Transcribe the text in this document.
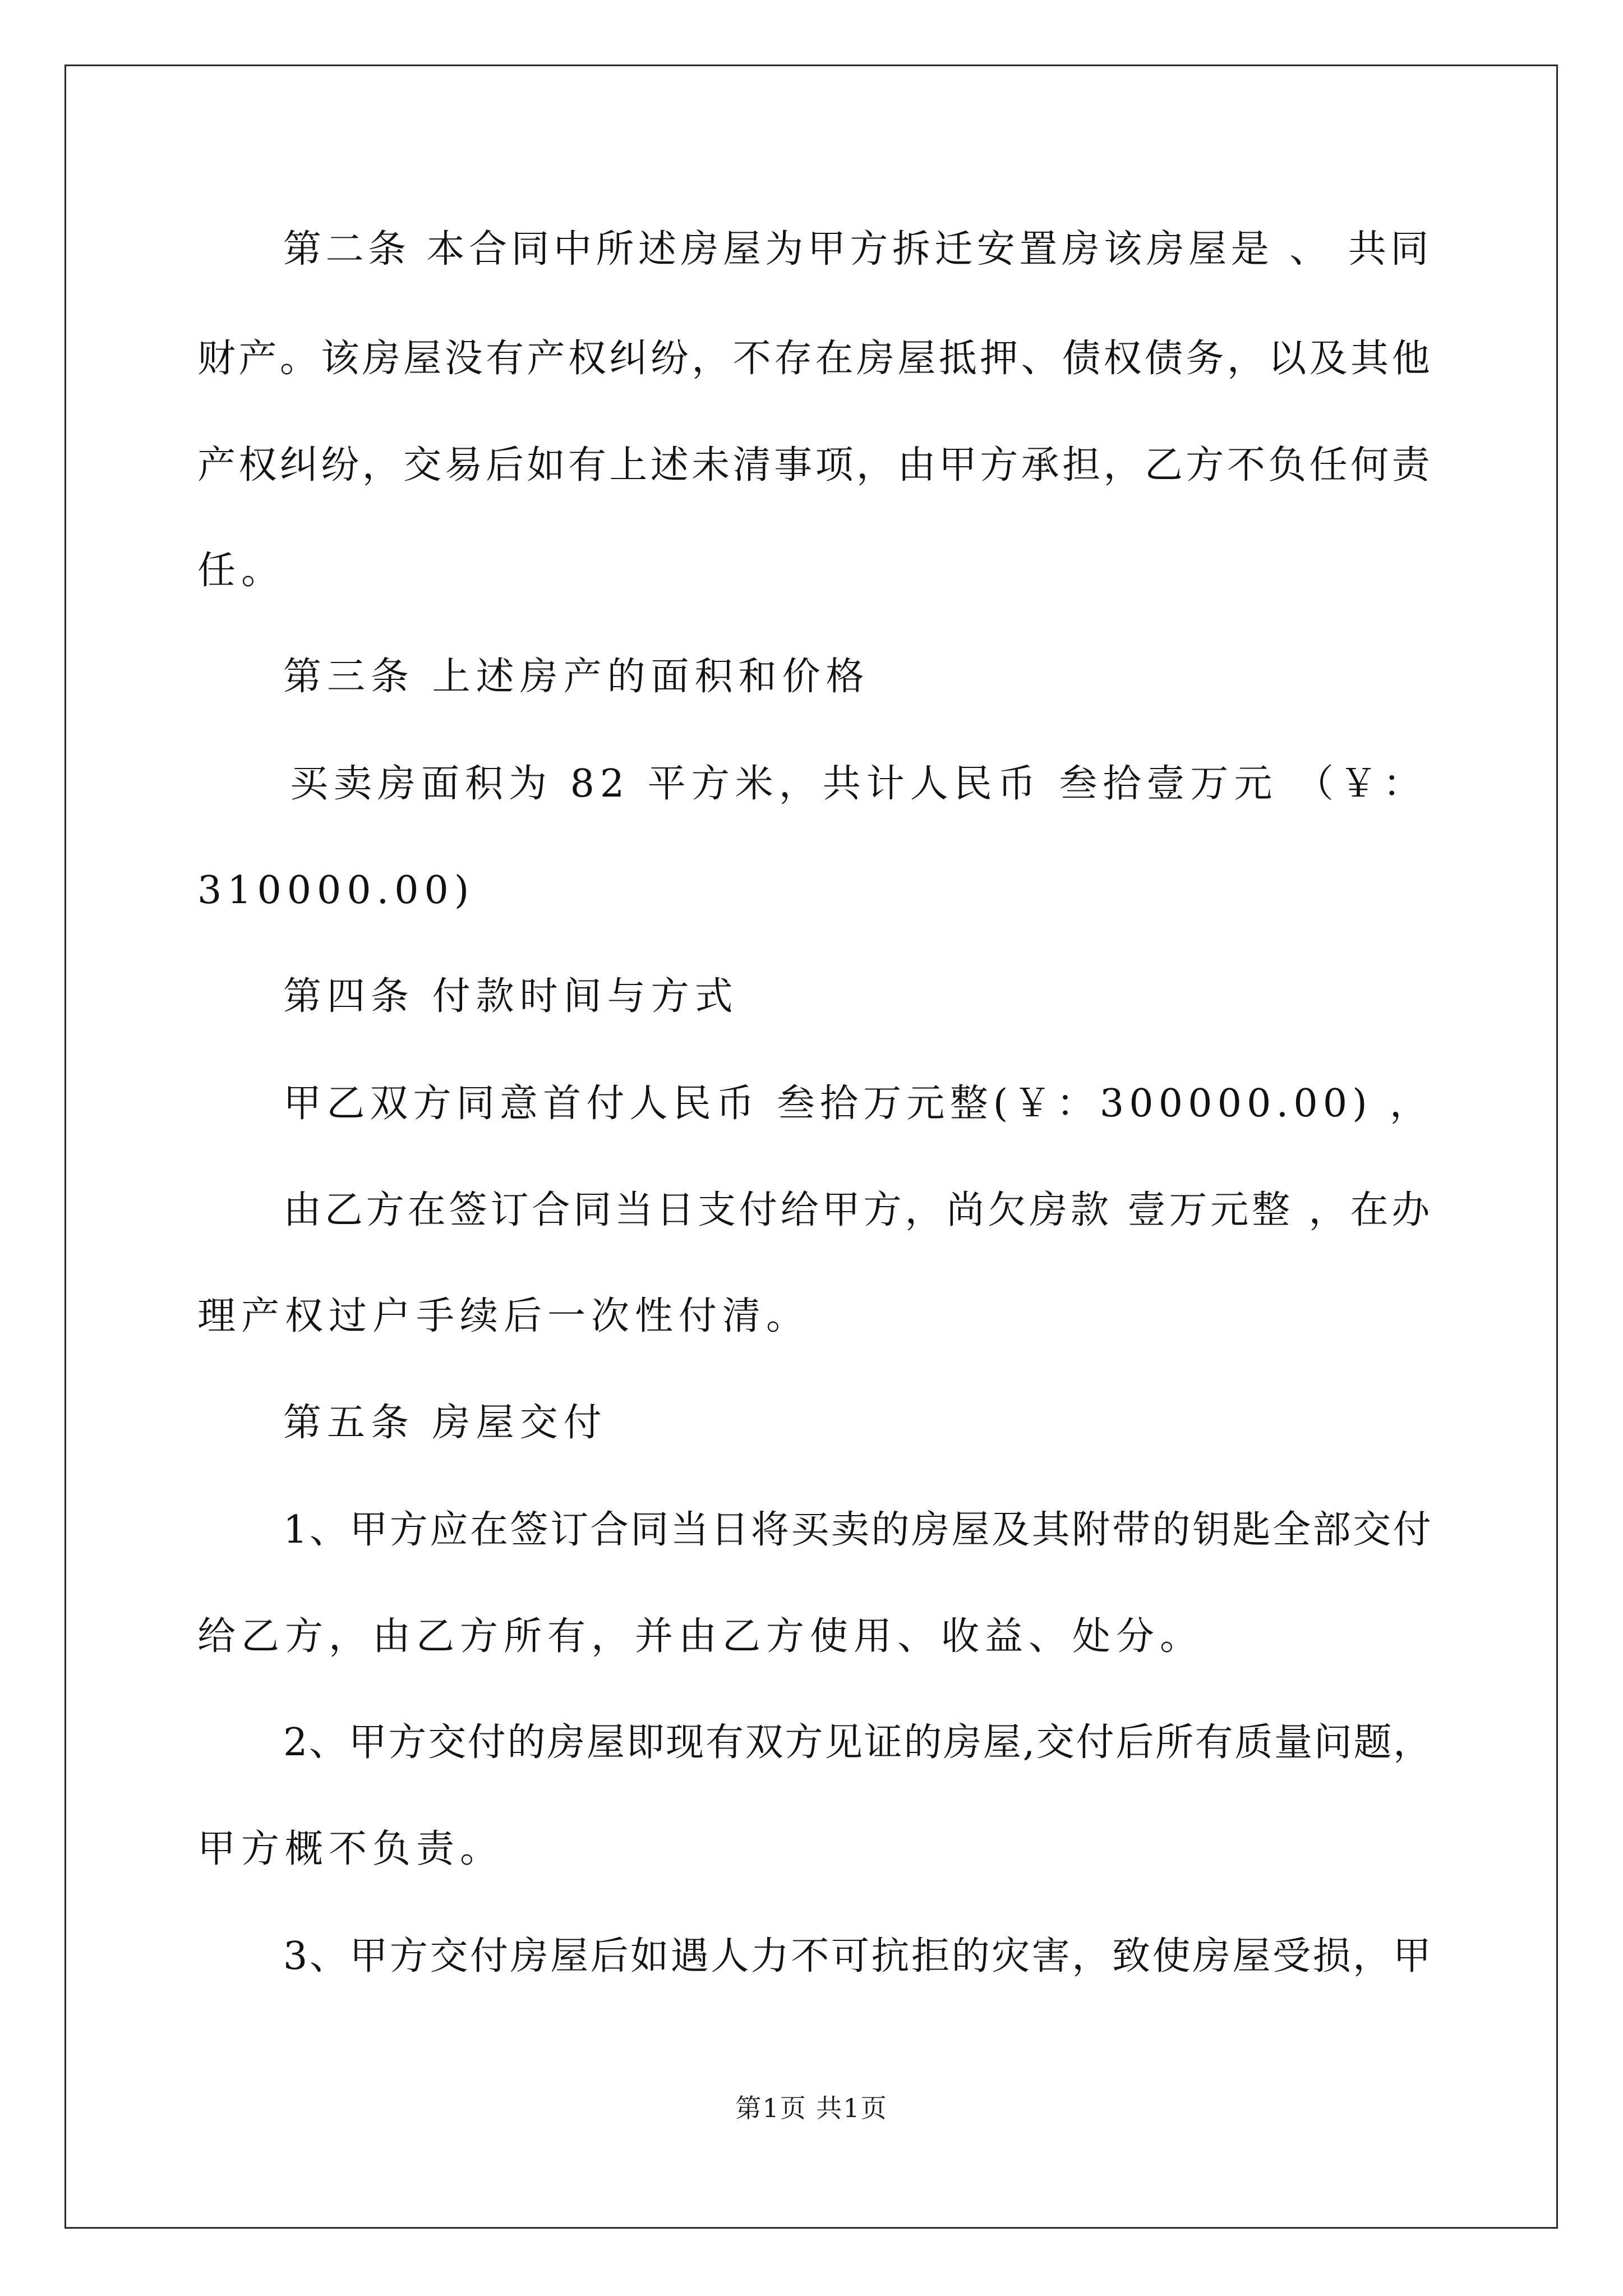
第二条 本合同中所述房屋为甲方拆迁安置房该房屋是 、 共同
财产。该房屋没有产权纠纷，不存在房屋抵押、债权债务，以及其他
产权纠纷，交易后如有上述未清事项，由甲方承担，乙方不负任何责
任。
第三条 上述房产的面积和价格
买卖房面积为 82 平方米，共计人民币 叁拾壹万元 （￥：
310000.00)
第四条 付款时间与方式
甲乙双方同意首付人民币 叁拾万元整(￥：300000.00) ，
由乙方在签订合同当日支付给甲方，尚欠房款 壹万元整 ，在办
理产权过户手续后一次性付清。
第五条 房屋交付
1、甲方应在签订合同当日将买卖的房屋及其附带的钥匙全部交付
给乙方，由乙方所有，并由乙方使用、收益、处分。
2、甲方交付的房屋即现有双方见证的房屋,交付后所有质量问题，
甲方概不负责。
3、甲方交付房屋后如遇人力不可抗拒的灾害，致使房屋受损，甲
第1页 共1页
